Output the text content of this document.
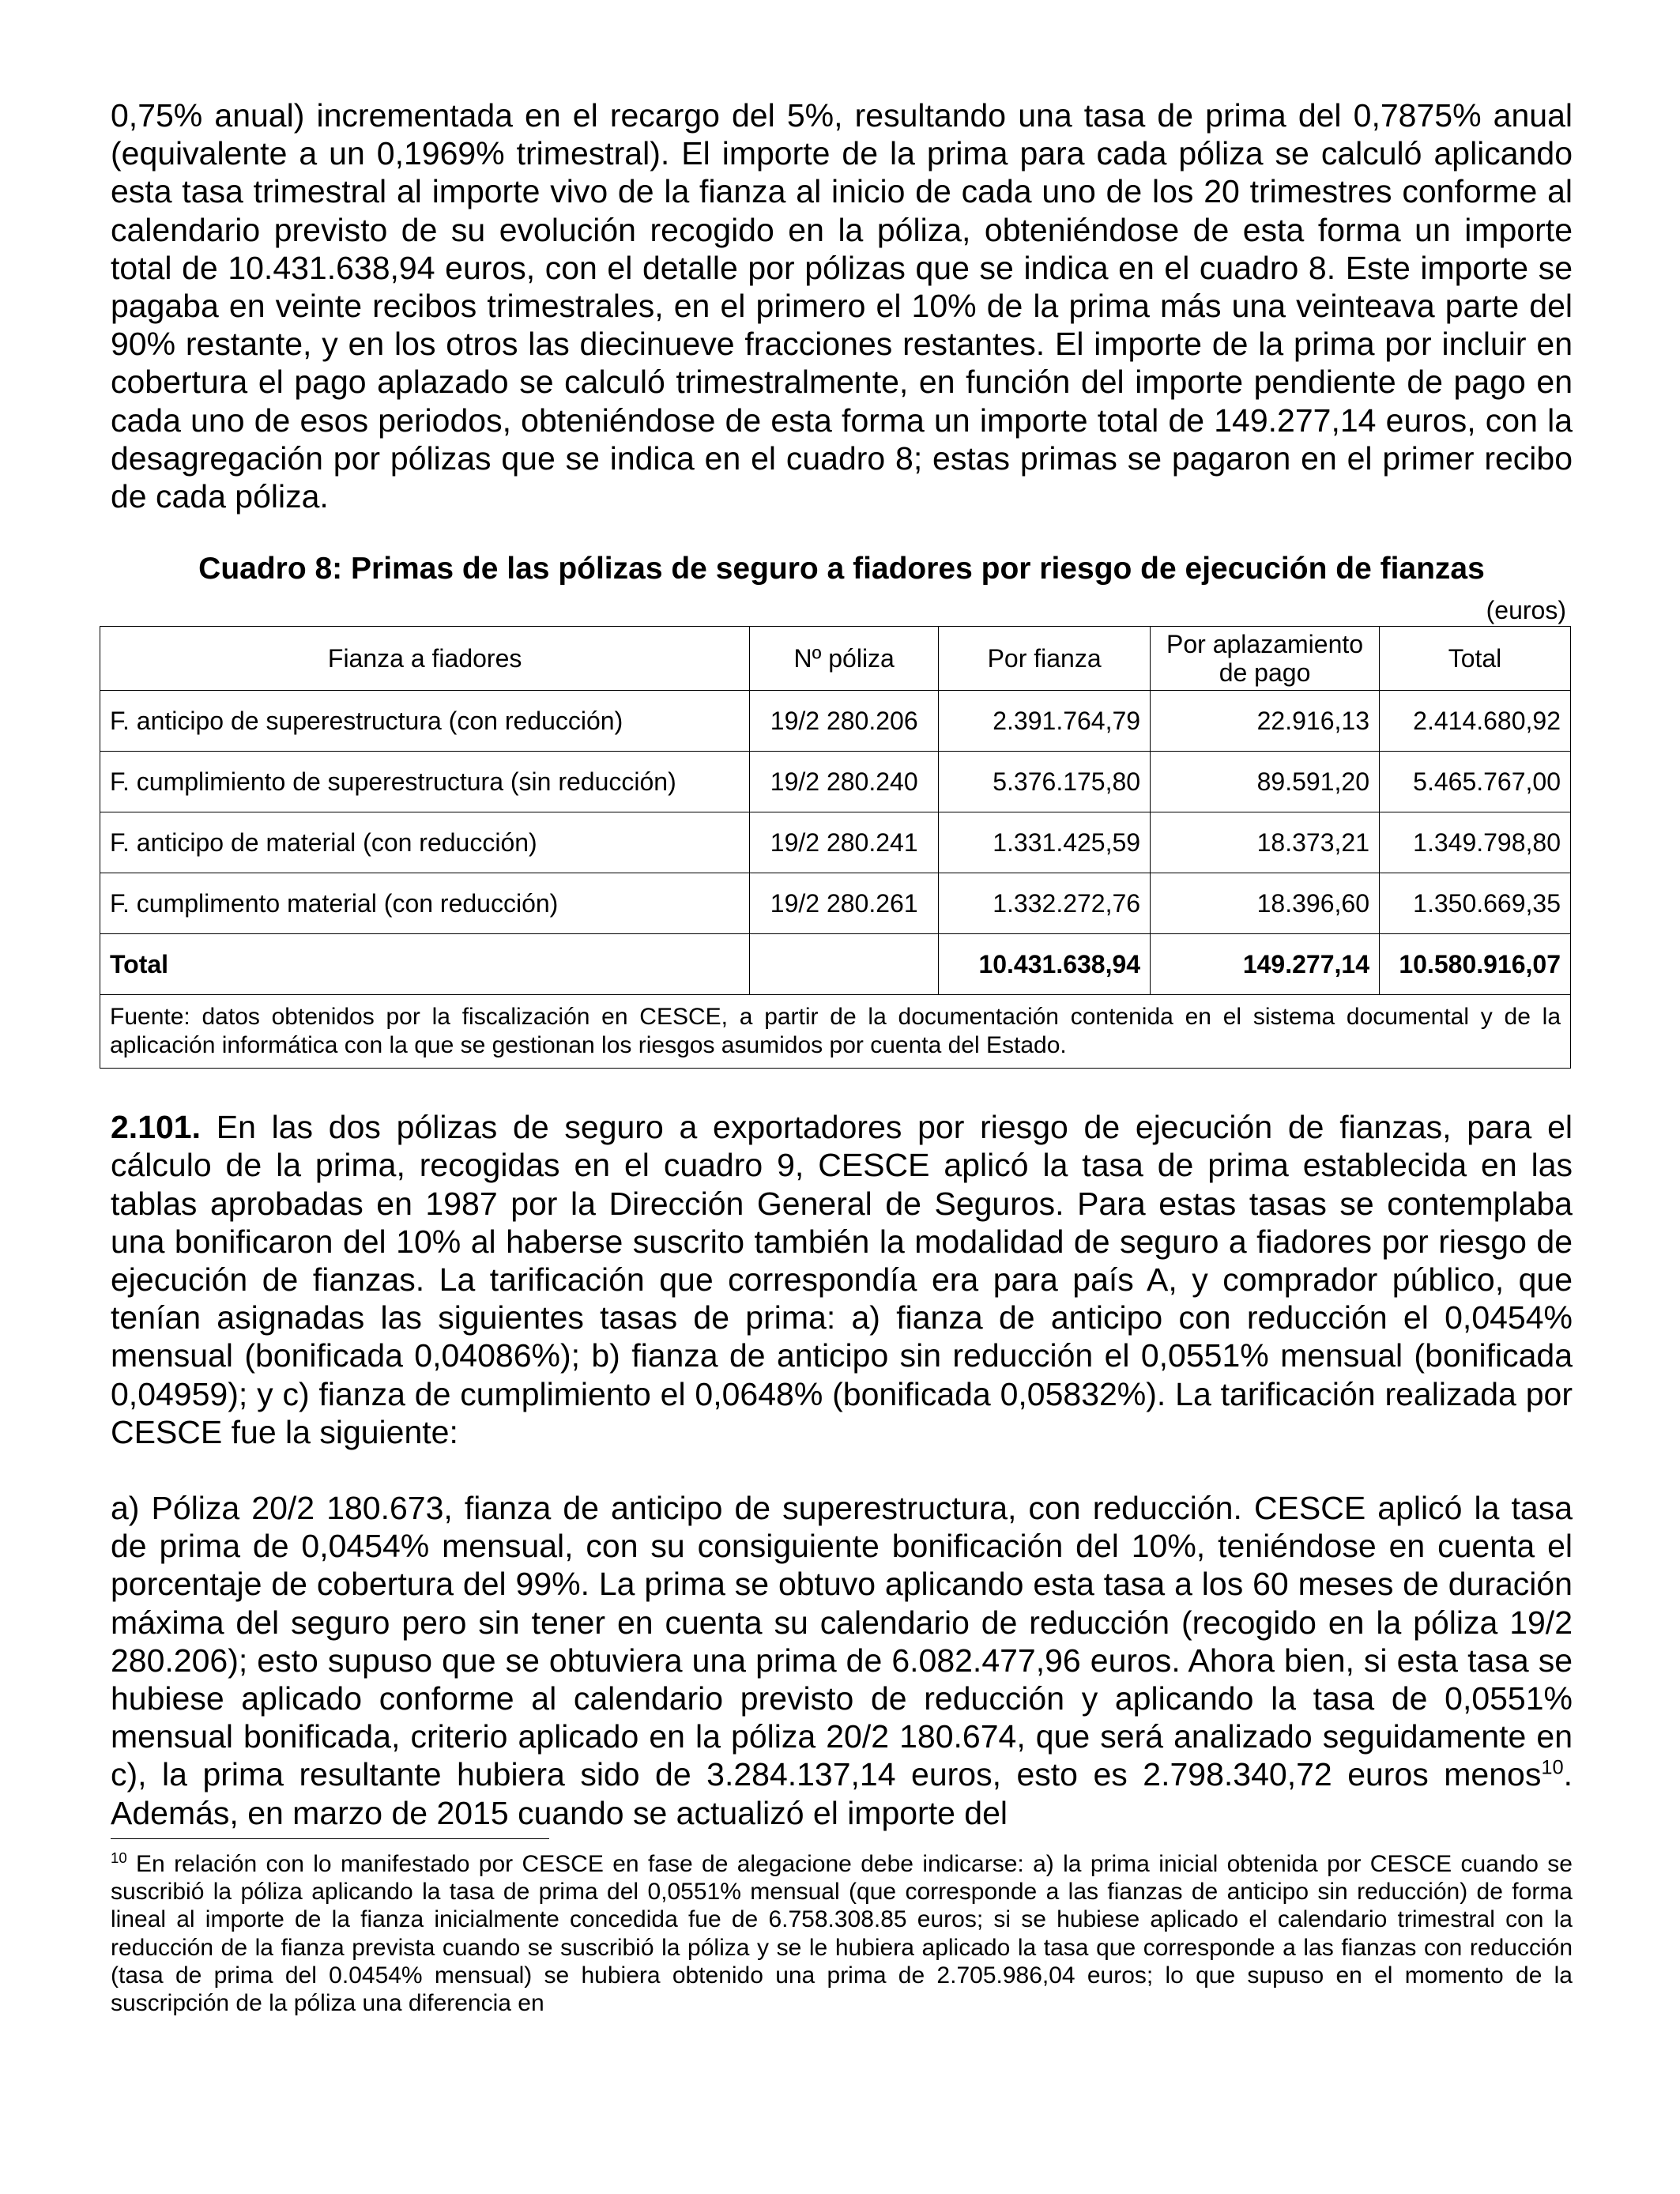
0,75% anual) incrementada en el recargo del 5%, resultando una tasa de prima del 0,7875% anual (equivalente a un 0,1969% trimestral). El importe de la prima para cada póliza se calculó aplicando esta tasa trimestral al importe vivo de la fianza al inicio de cada uno de los 20 trimestres conforme al calendario previsto de su evolución recogido en la póliza, obteniéndose de esta forma un importe total de 10.431.638,94 euros, con el detalle por pólizas que se indica en el cuadro 8. Este importe se pagaba en veinte recibos trimestrales, en el primero el 10% de la prima más una veinteava parte del 90% restante, y en los otros las diecinueve fracciones restantes. El importe de la prima por incluir en cobertura el pago aplazado se calculó trimestralmente, en función del importe pendiente de pago en cada uno de esos periodos, obteniéndose de esta forma un importe total de 149.277,14 euros, con la desagregación por pólizas que se indica en el cuadro 8; estas primas se pagaron en el primer recibo de cada póliza.

Cuadro 8: Primas de las pólizas de seguro a fiadores por riesgo de ejecución de fianzas
(euros)
Fianza a fiadores	Nº póliza	Por fianza	Por aplazamiento de pago	Total
F. anticipo de superestructura (con reducción)	19/2 280.206	2.391.764,79	22.916,13	2.414.680,92
F. cumplimiento de superestructura (sin reducción)	19/2 280.240	5.376.175,80	89.591,20	5.465.767,00
F. anticipo de material (con reducción)	19/2 280.241	1.331.425,59	18.373,21	1.349.798,80
F. cumplimento material (con reducción)	19/2 280.261	1.332.272,76	18.396,60	1.350.669,35
Total		10.431.638,94	149.277,14	10.580.916,07
Fuente: datos obtenidos por la fiscalización en CESCE, a partir de la documentación contenida en el sistema documental y de la aplicación informática con la que se gestionan los riesgos asumidos por cuenta del Estado.				

2.101. En las dos pólizas de seguro a exportadores por riesgo de ejecución de fianzas, para el cálculo de la prima, recogidas en el cuadro 9, CESCE aplicó la tasa de prima establecida en las tablas aprobadas en 1987 por la Dirección General de Seguros. Para estas tasas se contemplaba una bonificaron del 10% al haberse suscrito también la modalidad de seguro a fiadores por riesgo de ejecución de fianzas. La tarificación que correspondía era para país A, y comprador público, que tenían asignadas las siguientes tasas de prima: a) fianza de anticipo con reducción el 0,0454% mensual (bonificada 0,04086%); b) fianza de anticipo sin reducción el 0,0551% mensual (bonificada 0,04959); y c) fianza de cumplimiento el 0,0648% (bonificada 0,05832%). La tarificación realizada por CESCE fue la siguiente:

a) Póliza 20/2 180.673, fianza de anticipo de superestructura, con reducción. CESCE aplicó la tasa de prima de 0,0454% mensual, con su consiguiente bonificación del 10%, teniéndose en cuenta el porcentaje de cobertura del 99%. La prima se obtuvo aplicando esta tasa a los 60 meses de duración máxima del seguro pero sin tener en cuenta su calendario de reducción (recogido en la póliza 19/2 280.206); esto supuso que se obtuviera una prima de 6.082.477,96 euros. Ahora bien, si esta tasa se hubiese aplicado conforme al calendario previsto de reducción y aplicando la tasa de 0,0551% mensual bonificada, criterio aplicado en la póliza 20/2 180.674, que será analizado seguidamente en c), la prima resultante hubiera sido de 3.284.137,14 euros, esto es 2.798.340,72 euros menos$^{10}$. Además, en marzo de 2015 cuando se actualizó el importe del

$^{10}$ En relación con lo manifestado por CESCE en fase de alegacione debe indicarse: a) la prima inicial obtenida por CESCE cuando se suscribió la póliza aplicando la tasa de prima del 0,0551% mensual (que corresponde a las fianzas de anticipo sin reducción) de forma lineal al importe de la fianza inicialmente concedida fue de 6.758.308.85 euros; si se hubiese aplicado el calendario trimestral con la reducción de la fianza prevista cuando se suscribió la póliza y se le hubiera aplicado la tasa que corresponde a las fianzas con reducción (tasa de prima del 0.0454% mensual) se hubiera obtenido una prima de 2.705.986,04 euros; lo que supuso en el momento de la suscripción de la póliza una diferencia en
